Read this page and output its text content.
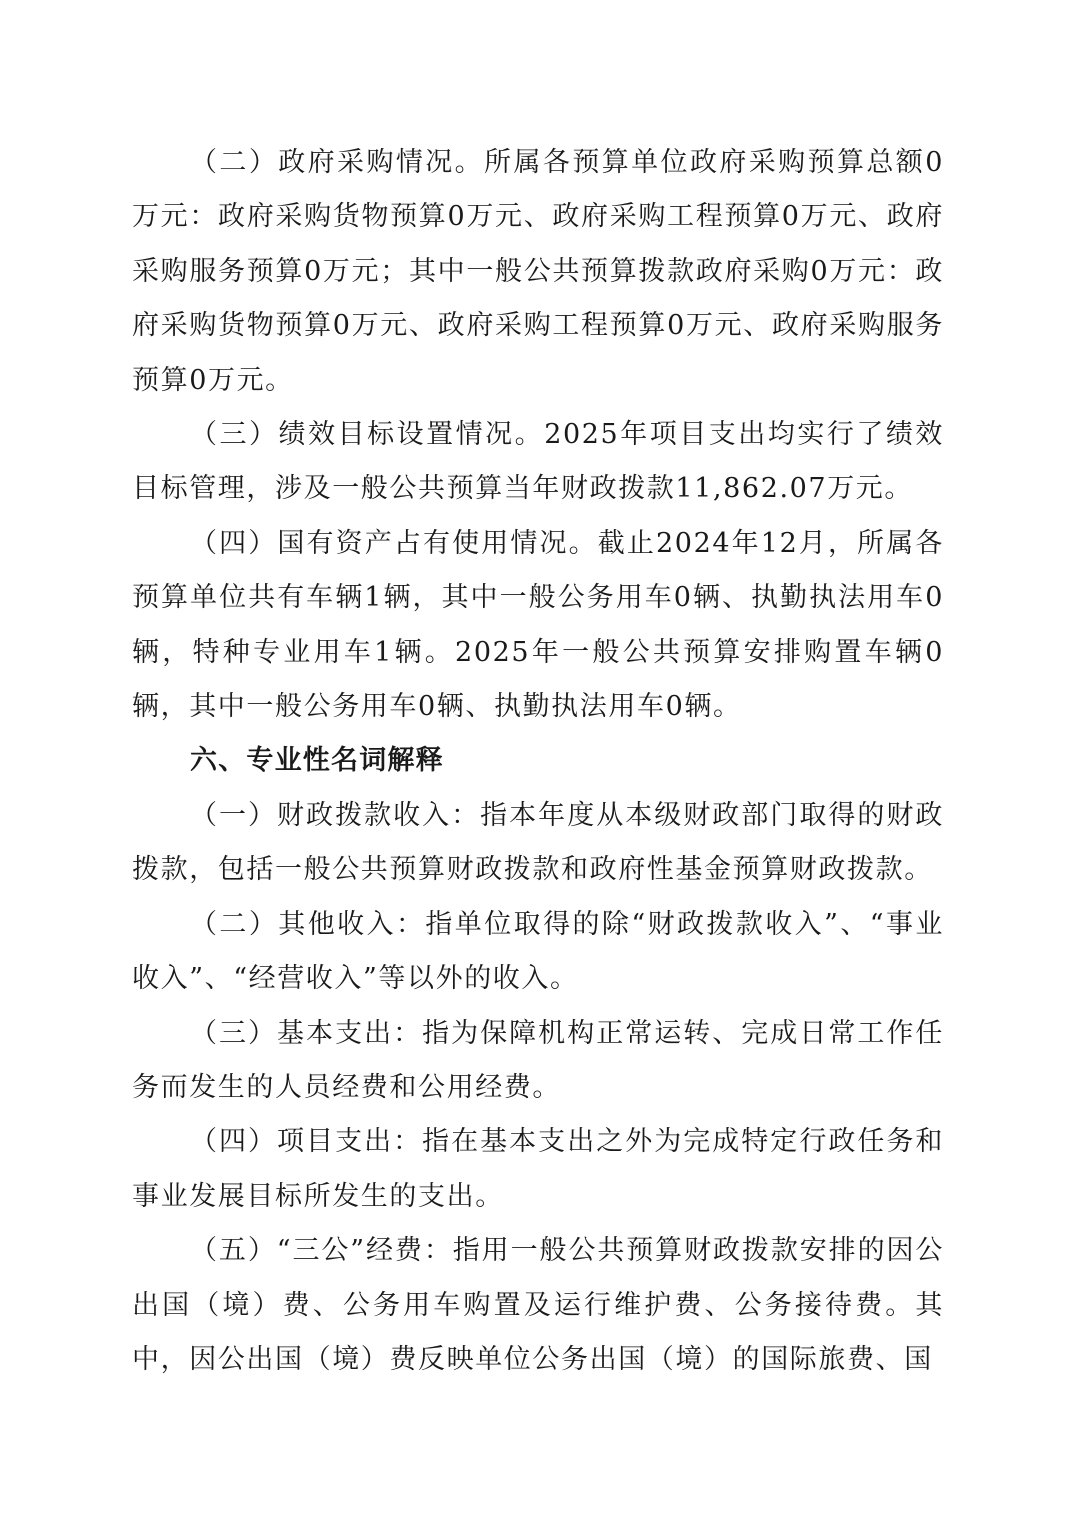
（二）政府采购情况。所属各预算单位政府采购预算总额0万元：政府采购货物预算0万元、政府采购工程预算0万元、政府采购服务预算0万元；其中一般公共预算拨款政府采购0万元：政府采购货物预算0万元、政府采购工程预算0万元、政府采购服务预算0万元。

（三）绩效目标设置情况。2025年项目支出均实行了绩效目标管理，涉及一般公共预算当年财政拨款11,862.07万元。

（四）国有资产占有使用情况。截止2024年12月，所属各预算单位共有车辆1辆，其中一般公务用车0辆、执勤执法用车0 辆，特种专业用车1辆。2025年一般公共预算安排购置车辆0辆，其中一般公务用车0辆、执勤执法用车0辆。

六、专业性名词解释

（一）财政拨款收入：指本年度从本级财政部门取得的财政拨款，包括一般公共预算财政拨款和政府性基金预算财政拨款。

（二）其他收入：指单位取得的除“财政拨款收入”、“事业收入”、“经营收入”等以外的收入。

（三）基本支出：指为保障机构正常运转、完成日常工作任务而发生的人员经费和公用经费。

（四）项目支出：指在基本支出之外为完成特定行政任务和事业发展目标所发生的支出。

（五）“三公”经费：指用一般公共预算财政拨款安排的因公出国（境）费、公务用车购置及运行维护费、公务接待费。其中，因公出国（境）费反映单位公务出国（境）的国际旅费、国
